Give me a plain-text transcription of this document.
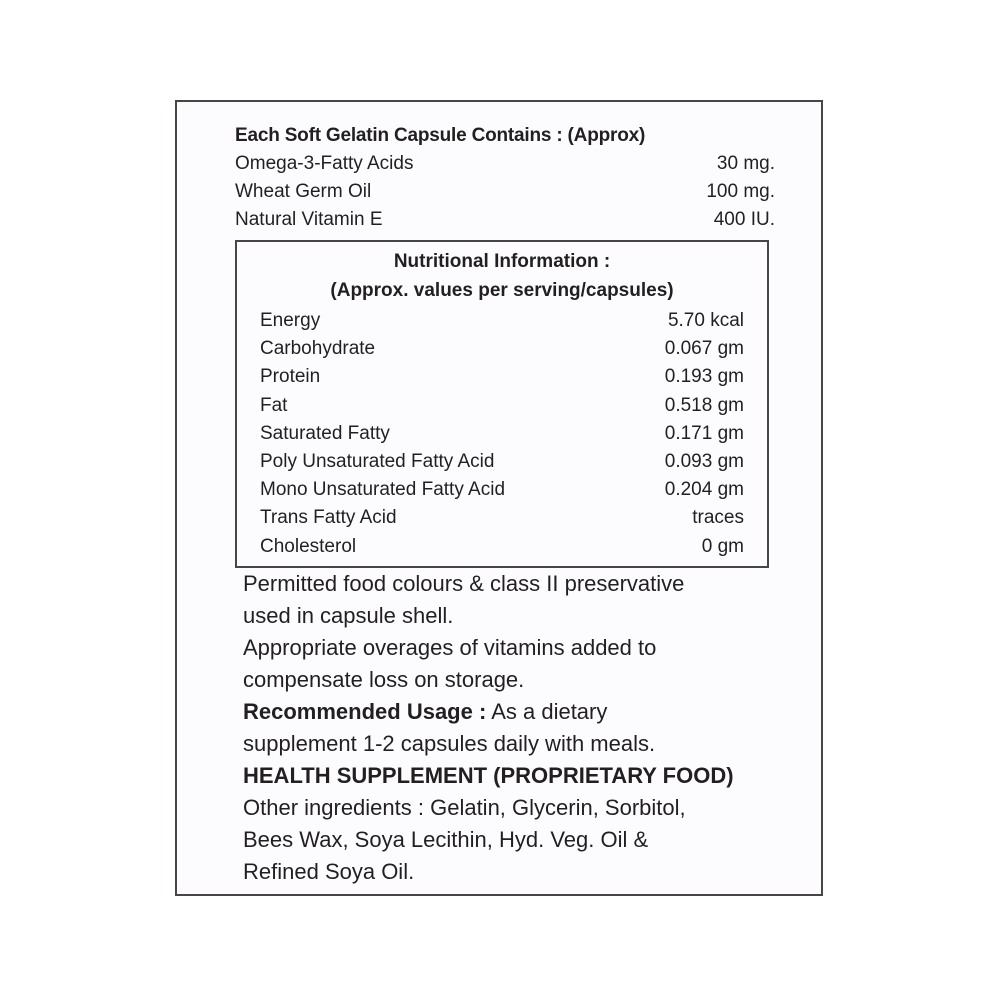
Each Soft Gelatin Capsule Contains : (Approx)
Omega-3-Fatty Acids	30 mg.
Wheat Germ Oil	100 mg.
Natural Vitamin E	400 IU.
Nutritional Information :
(Approx. values per serving/capsules)
Energy	5.70 kcal
Carbohydrate	0.067 gm
Protein	0.193 gm
Fat	0.518 gm
Saturated Fatty	0.171 gm
Poly Unsaturated Fatty Acid	0.093 gm
Mono Unsaturated Fatty Acid	0.204 gm
Trans Fatty Acid	traces
Cholesterol	0 gm

Permitted food colours & class II preservative

used in capsule shell.

Appropriate overages of vitamins added to

compensate loss on storage.

Recommended Usage : As a dietary

supplement 1-2 capsules daily with meals.

HEALTH SUPPLEMENT (PROPRIETARY FOOD)

Other ingredients : Gelatin, Glycerin, Sorbitol,

Bees Wax, Soya Lecithin, Hyd. Veg. Oil &

Refined Soya Oil.
